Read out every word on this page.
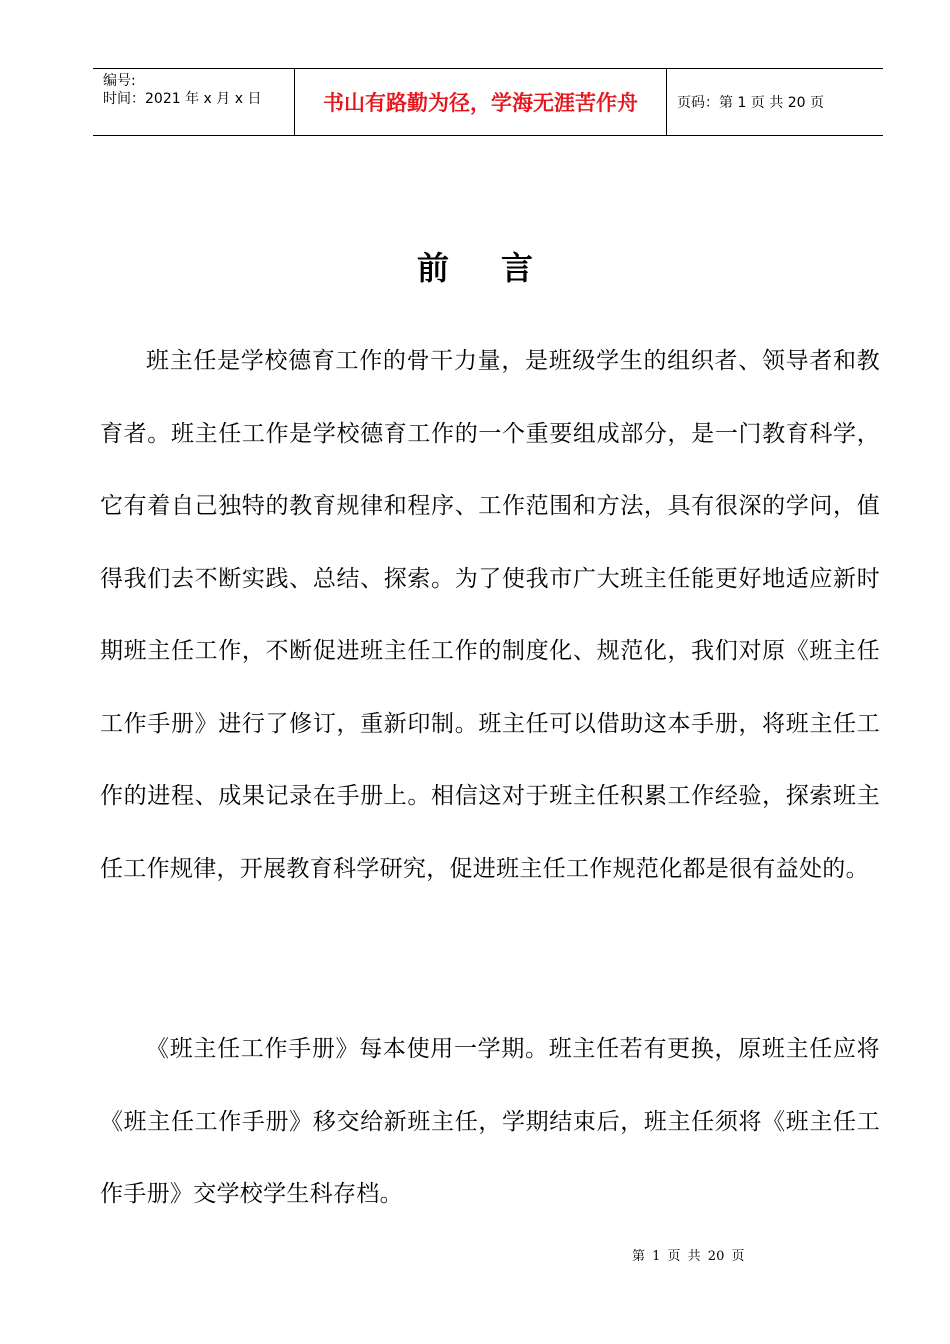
编号:
时间：2021 年 x 月 x 日	书山有路勤为径，学海无涯苦作舟	页码：第 1 页 共 20 页
前言

班主任是学校德育工作的骨干力量，是班级学生的组织者、领导者和教育者。班主任工作是学校德育工作的一个重要组成部分，是一门教育科学，它有着自己独特的教育规律和程序、工作范围和方法，具有很深的学问，值得我们去不断实践、总结、探索。为了使我市广大班主任能更好地适应新时期班主任工作，不断促进班主任工作的制度化、规范化，我们对原《班主任工作手册》进行了修订，重新印制。班主任可以借助这本手册，将班主任工作的进程、成果记录在手册上。相信这对于班主任积累工作经验，探索班主任工作规律，开展教育科学研究，促进班主任工作规范化都是很有益处的。

《班主任工作手册》每本使用一学期。班主任若有更换，原班主任应将《班主任工作手册》移交给新班主任，学期结束后，班主任须将《班主任工作手册》交学校学生科存档。

第 1 页 共 20 页
